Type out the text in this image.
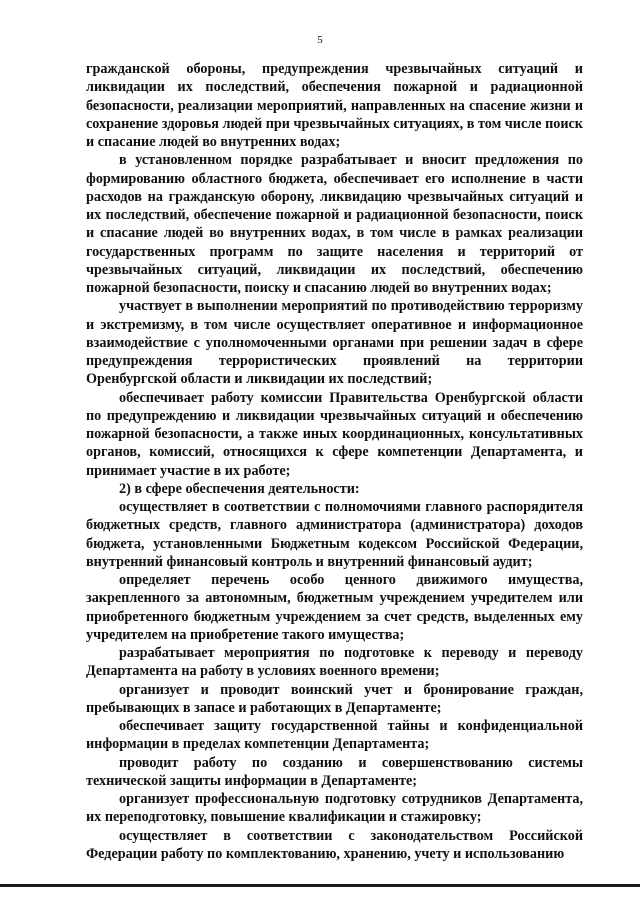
5

гражданской обороны, предупреждения чрезвычайных ситуаций и ликвидации их последствий, обеспечения пожарной и радиационной безопасности, реализации мероприятий, направленных на спасение жизни и сохранение здоровья людей при чрезвычайных ситуациях, в том числе поиск и спасание людей во внутренних водах;

в установленном порядке разрабатывает и вносит предложения по формированию областного бюджета, обеспечивает его исполнение в части расходов на гражданскую оборону, ликвидацию чрезвычайных ситуаций и их последствий, обеспечение пожарной и радиационной безопасности, поиск и спасание людей во внутренних водах, в том числе в рамках реализации государственных программ по защите населения и территорий от чрезвычайных ситуаций, ликвидации их последствий, обеспечению пожарной безопасности, поиску и спасанию людей во внутренних водах;

участвует в выполнении мероприятий по противодействию терроризму и экстремизму, в том числе осуществляет оперативное и информационное взаимодействие с уполномоченными органами при решении задач в сфере предупреждения террористических проявлений на территории Оренбургской области и ликвидации их последствий;

обеспечивает работу комиссии Правительства Оренбургской области по предупреждению и ликвидации чрезвычайных ситуаций и обеспечению пожарной безопасности, а также иных координационных, консультативных органов, комиссий, относящихся к сфере компетенции Департамента, и принимает участие в их работе;

2) в сфере обеспечения деятельности:

осуществляет в соответствии с полномочиями главного распорядителя бюджетных средств, главного администратора (администратора) доходов бюджета, установленными Бюджетным кодексом Российской Федерации, внутренний финансовый контроль и внутренний финансовый аудит;

определяет перечень особо ценного движимого имущества, закрепленного за автономным, бюджетным учреждением учредителем или приобретенного бюджетным учреждением за счет средств, выделенных ему учредителем на приобретение такого имущества;

разрабатывает мероприятия по подготовке к переводу и переводу Департамента на работу в условиях военного времени;

организует и проводит воинский учет и бронирование граждан, пребывающих в запасе и работающих в Департаменте;

обеспечивает защиту государственной тайны и конфиденциальной информации в пределах компетенции Департамента;

проводит работу по созданию и совершенствованию системы технической защиты информации в Департаменте;

организует профессиональную подготовку сотрудников Департамента, их переподготовку, повышение квалификации и стажировку;

осуществляет в соответствии с законодательством Российской Федерации работу по комплектованию, хранению, учету и использованию
